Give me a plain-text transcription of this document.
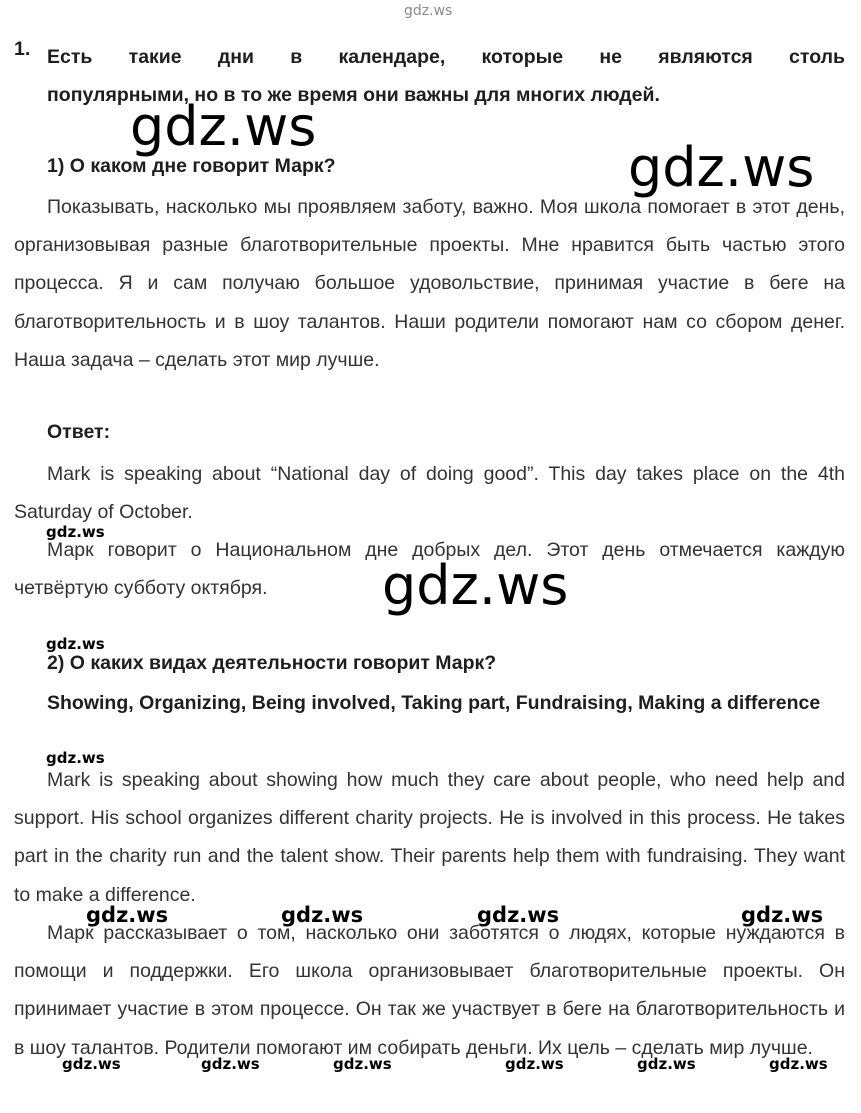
1. Есть такие дни в календаре, которые не являются столь
популярными, но в то же время они важны для многих людей.
1) О каком дне говорит Марк?
Показывать, насколько мы проявляем заботу, важно. Моя школа помогает в этот день, организовывая разные благотворительные проекты. Мне нравится быть частью этого процесса. Я и сам получаю большое удовольствие, принимая участие в беге на благотворительность и в шоу талантов. Наши родители помогают нам со сбором денег. Наша задача – сделать этот мир лучше.
Ответ:
Mark is speaking about “National day of doing good”. This day takes place on the 4th Saturday of October.
Марк говорит о Национальном дне добрых дел. Этот день отмечается каждую четвёртую субботу октября.
2) О каких видах деятельности говорит Марк?
Showing, Organizing, Being involved, Taking part, Fundraising, Making a difference
Mark is speaking about showing how much they care about people, who need help and support. His school organizes different charity projects. He is involved in this process. He takes part in the charity run and the talent show. Their parents help them with fundraising. They want to make a difference.
Марк рассказывает о том, насколько они заботятся о людях, которые нуждаются в помощи и поддержки. Его школа организовывает благотворительные проекты. Он принимает участие в этом процессе. Он так же участвует в беге на благотворительность и в шоу талантов. Родители помогают им собирать деньги. Их цель – сделать мир лучше.
gdz.ws
gdz.ws
gdz.ws
gdz.ws
gdz.ws
gdz.ws
gdz.ws
gdz.ws	gdz.ws	gdz.ws	gdz.ws
gdz.ws	gdz.ws	gdz.ws	gdz.ws	gdz.ws	gdz.ws
